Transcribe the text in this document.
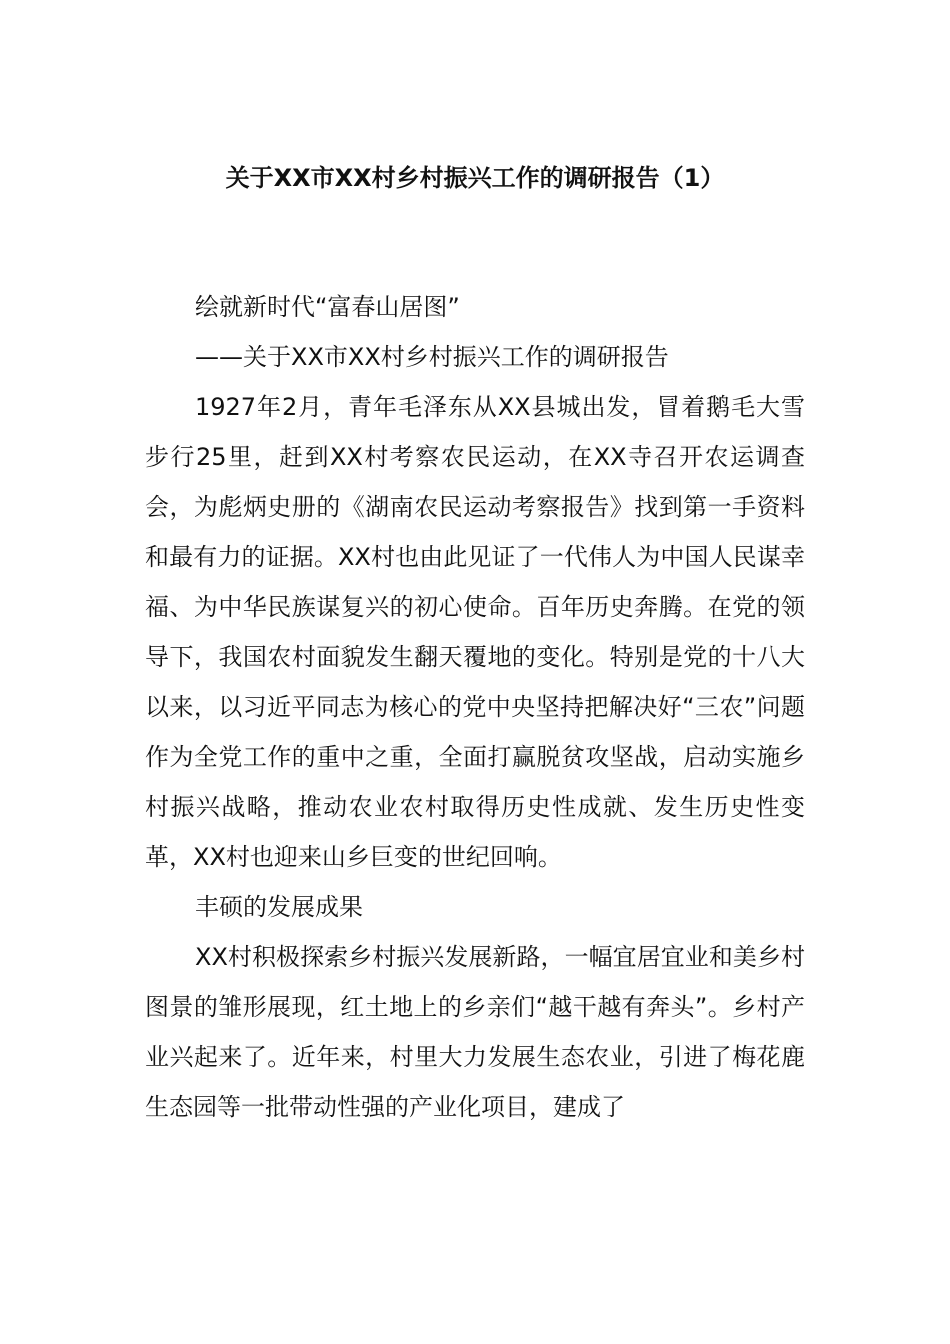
关于XX市XX村乡村振兴工作的调研报告（1）

绘就新时代“富春山居图”

——关于XX市XX村乡村振兴工作的调研报告

1927年2月，青年毛泽东从XX县城出发，冒着鹅毛大雪步行25里，赶到XX村考察农民运动，在XX寺召开农运调查会，为彪炳史册的《湖南农民运动考察报告》找到第一手资料和最有力的证据。XX村也由此见证了一代伟人为中国人民谋幸福、为中华民族谋复兴的初心使命。百年历史奔腾。在党的领导下，我国农村面貌发生翻天覆地的变化。特别是党的十八大以来，以习近平同志为核心的党中央坚持把解决好“三农”问题作为全党工作的重中之重，全面打赢脱贫攻坚战，启动实施乡村振兴战略，推动农业农村取得历史性成就、发生历史性变革，XX村也迎来山乡巨变的世纪回响。

丰硕的发展成果

XX村积极探索乡村振兴发展新路，一幅宜居宜业和美乡村图景的雏形展现，红土地上的乡亲们“越干越有奔头”。乡村产业兴起来了。近年来，村里大力发展生态农业，引进了梅花鹿生态园等一批带动性强的产业化项目，建成了
